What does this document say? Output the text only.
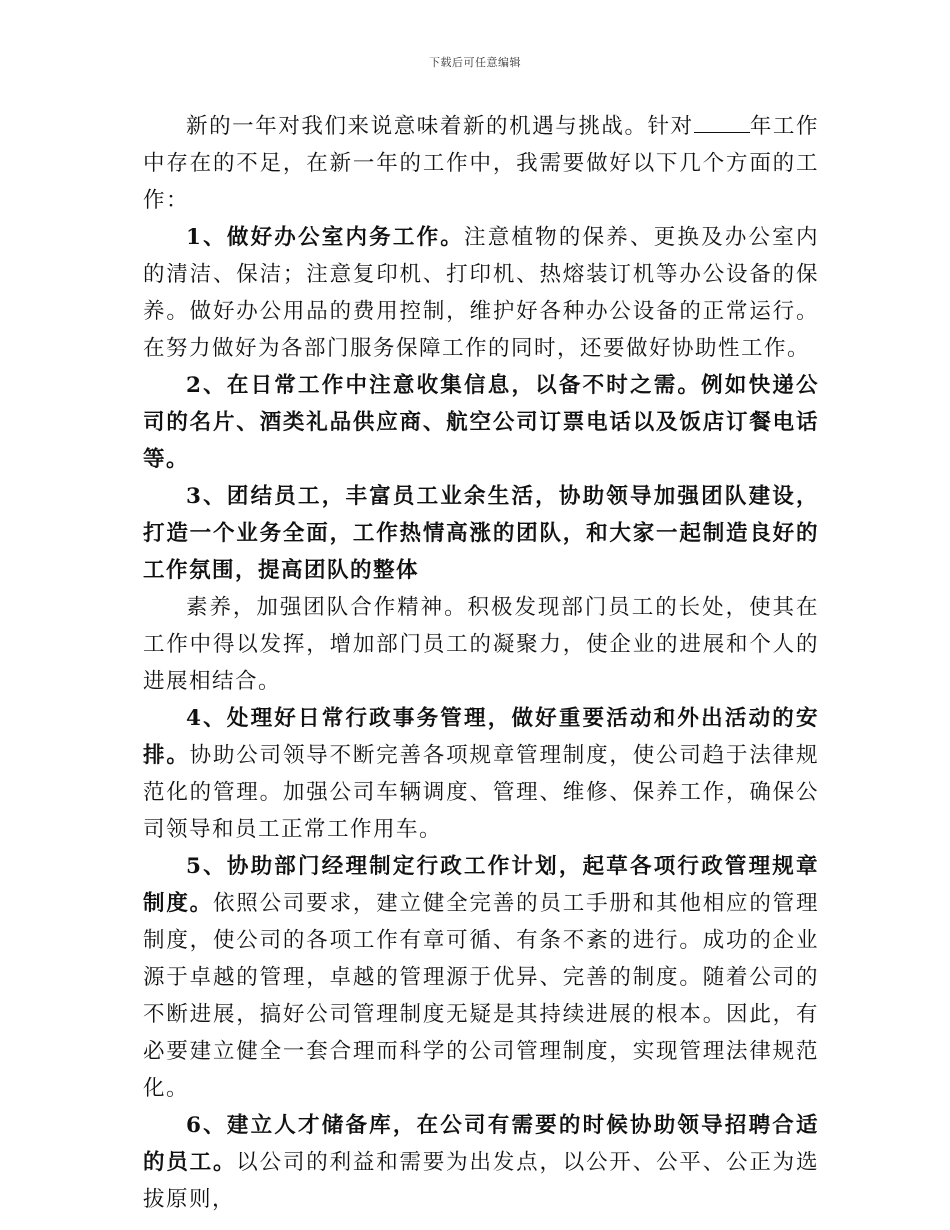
下载后可任意编辑

新的一年对我们来说意味着新的机遇与挑战。针对	年工作中存在的不足，在新一年的工作中，我需要做好以下几个方面的工作：

1、做好办公室内务工作。注意植物的保养、更换及办公室内的清洁、保洁；注意复印机、打印机、热熔装订机等办公设备的保养。做好办公用品的费用控制，维护好各种办公设备的正常运行。在努力做好为各部门服务保障工作的同时，还要做好协助性工作。

2、在日常工作中注意收集信息，以备不时之需。例如快递公司的名片、酒类礼品供应商、航空公司订票电话以及饭店订餐电话等。

3、团结员工，丰富员工业余生活，协助领导加强团队建设，打造一个业务全面，工作热情高涨的团队，和大家一起制造良好的工作氛围，提高团队的整体

素养，加强团队合作精神。积极发现部门员工的长处，使其在工作中得以发挥，增加部门员工的凝聚力，使企业的进展和个人的进展相结合。

4、处理好日常行政事务管理，做好重要活动和外出活动的安排。协助公司领导不断完善各项规章管理制度，使公司趋于法律规范化的管理。加强公司车辆调度、管理、维修、保养工作，确保公司领导和员工正常工作用车。

5、协助部门经理制定行政工作计划，起草各项行政管理规章制度。依照公司要求，建立健全完善的员工手册和其他相应的管理制度，使公司的各项工作有章可循、有条不紊的进行。成功的企业源于卓越的管理，卓越的管理源于优异、完善的制度。随着公司的不断进展，搞好公司管理制度无疑是其持续进展的根本。因此，有必要建立健全一套合理而科学的公司管理制度，实现管理法律规范化。

6、建立人才储备库，在公司有需要的时候协助领导招聘合适的员工。以公司的利益和需要为出发点，以公开、公平、公正为选拔原则，
